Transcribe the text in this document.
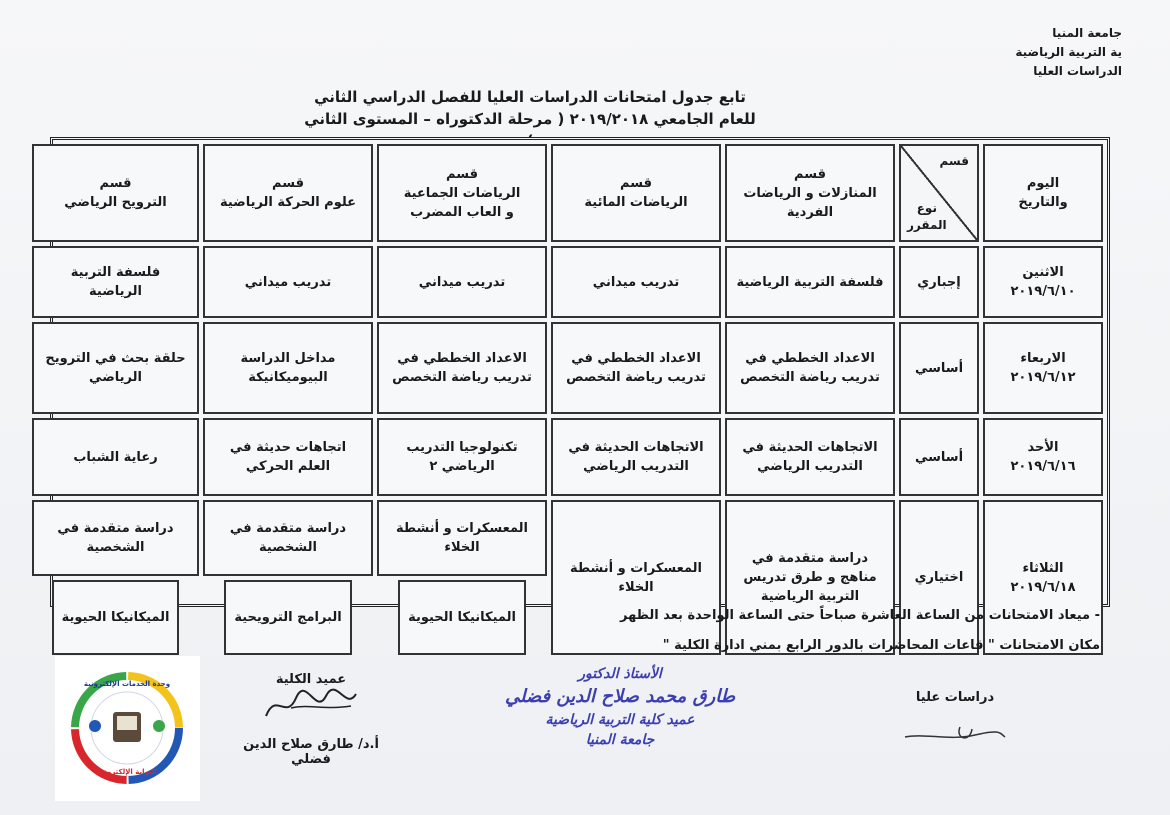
جامعة المنيا
ية التربية الرياضية
الدراسات العليا
تابع جدول امتحانات الدراسات العليا للفصل الدراسي الثاني
للعام الجامعي ٢٠١٩/٢٠١٨ ( مرحلة الدكتوراه – المستوى الثاني
اليوم
والتاريخ
قسم
نوع
المقرر
قسم
المنازلات و الرياضات
الفردية
قسم
الرياضات المائية
قسم
الرياضات الجماعية
و العاب المضرب
قسم
علوم الحركة الرياضية
قسم
الترويح الرياضي
الاثنين
٢٠١٩/٦/١٠
إجباري
فلسفة التربية الرياضية
تدريب ميداني
تدريب ميداني
تدريب ميداني
فلسفة التربية الرياضية
الاربعاء
٢٠١٩/٦/١٢
أساسي
الاعداد الخططي في تدريب رياضة التخصص
الاعداد الخططي في تدريب رياضة التخصص
الاعداد الخططي في تدريب رياضة التخصص
مداخل الدراسة البيوميكانيكة
حلقة بحث في الترويح الرياضي
الأحد
٢٠١٩/٦/١٦
أساسي
الاتجاهات الحديثة في التدريب الرياضي
الاتجاهات الحديثة في التدريب الرياضي
تكنولوجيا التدريب الرياضي ٢
اتجاهات حديثة في العلم الحركي
رعاية الشباب
الثلاثاء
٢٠١٩/٦/١٨
اختياري
دراسة متقدمة في مناهج و طرق تدريس التربية الرياضية
المعسكرات و أنشطة الخلاء
المعسكرات و أنشطة الخلاء
الميكانيكا الحيوية
دراسة متقدمة في الشخصية
البرامج الترويحية
دراسة متقدمة في الشخصية
الميكانيكا الحيوية	- ميعاد الامتحانات من الساعة العاشرة صباحاً حتى الساعة الواحدة بعد الظهر
مكان الامتحانات " قاعات المحاضرات بالدور الرابع بمني ادارة الكلية "
عميد الكلية
أ.د/ طارق صلاح الدين فضلي
الأستاذ الدكتور
طارق محمد صلاح الدين فضلي
عميد كلية التربية الرياضية
جامعة المنيا
دراسات عليا
وحدة الخدمات الإلكترونية
البوابة الإلكترونية
